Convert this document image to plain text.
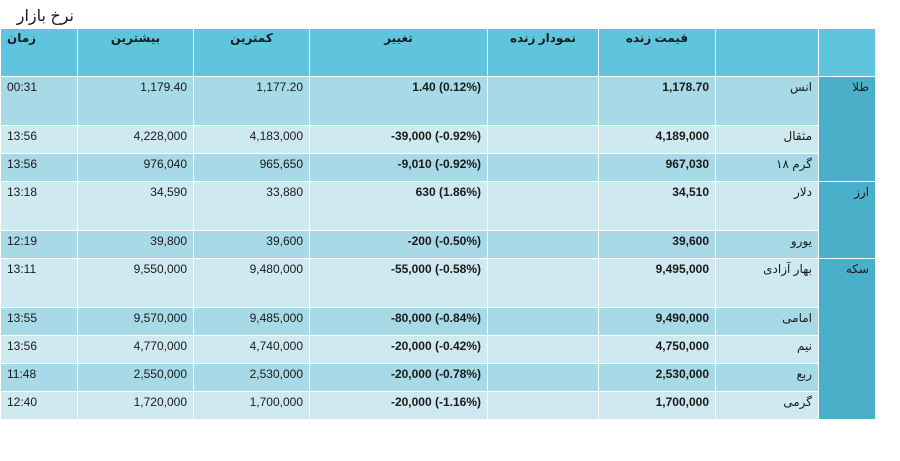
نرخ بازار
زمان	بیشترین	کمترین	تغییر	نمودار زنده	قیمت زنده		
00:31	1,179.40	1,177.20	1.40 (0.12%)		1,178.70	انس	طلا
13:56	4,228,000	4,183,000	-39,000 (-0.92%)		4,189,000	مثقال	
13:56	976,040	965,650	-9,010 (-0.92%)		967,030	گرم ۱۸	
13:18	34,590	33,880	630 (1.86%)		34,510	دلار	ارز
12:19	39,800	39,600	-200 (-0.50%)		39,600	یورو	
13:11	9,550,000	9,480,000	-55,000 (-0.58%)		9,495,000	بهار آزادی	سکه
13:55	9,570,000	9,485,000	-80,000 (-0.84%)		9,490,000	امامی	
13:56	4,770,000	4,740,000	-20,000 (-0.42%)		4,750,000	نیم	
11:48	2,550,000	2,530,000	-20,000 (-0.78%)		2,530,000	ربع	
12:40	1,720,000	1,700,000	-20,000 (-1.16%)		1,700,000	گرمی	
